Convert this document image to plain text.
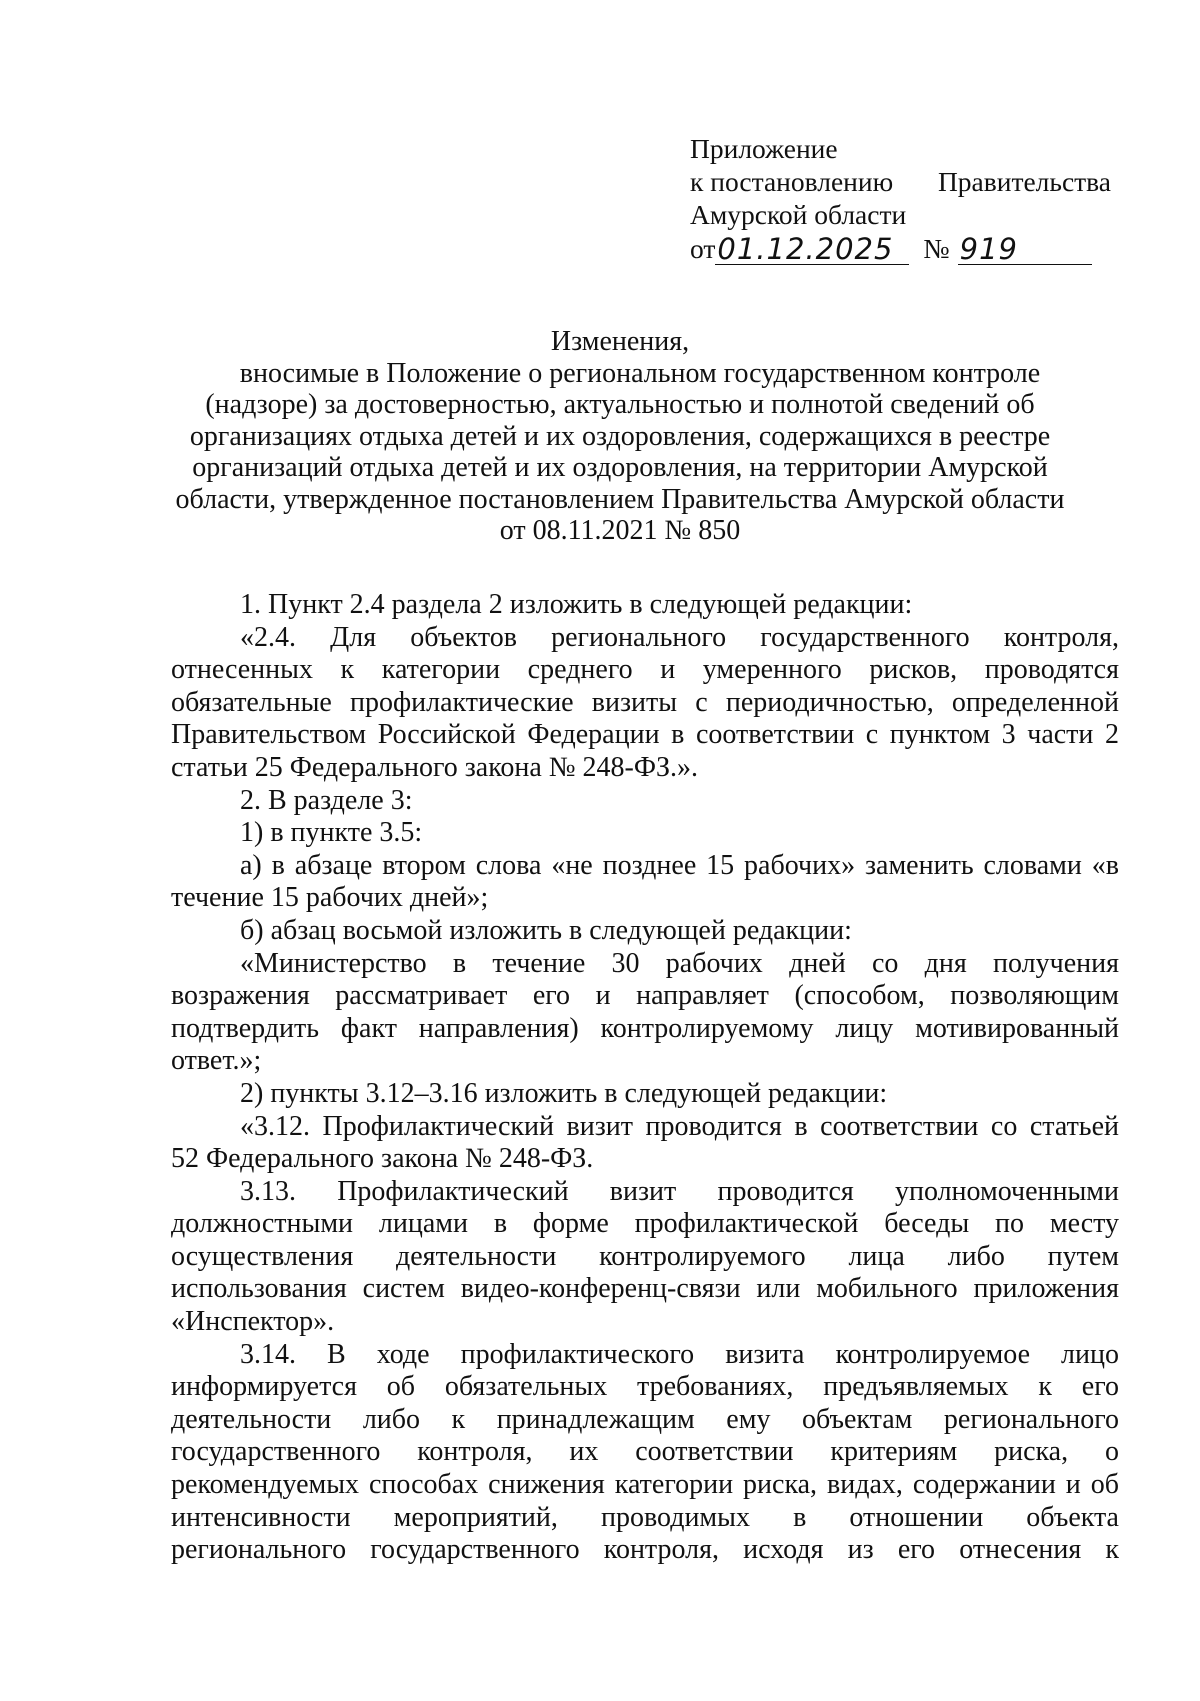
Приложение
к постановлению Правительства
Амурской области
от 01.12.2025	№ 919
Изменения,
вносимые в Положение о региональном государственном контроле
(надзоре) за достоверностью, актуальностью и полнотой сведений об
организациях отдыха детей и их оздоровления, содержащихся в реестре
организаций отдыха детей и их оздоровления, на территории Амурской
области, утвержденное постановлением Правительства Амурской области
от 08.11.2021 № 850
1. Пункт 2.4 раздела 2 изложить в следующей редакции:
«2.4. Для объектов регионального государственного контроля,
отнесенных к категории среднего и умеренного рисков, проводятся
обязательные профилактические визиты с периодичностью, определенной
Правительством Российской Федерации в соответствии с пунктом 3 части 2
статьи 25 Федерального закона № 248-ФЗ.».
2. В разделе 3:
1) в пункте 3.5:
а) в абзаце втором слова «не позднее 15 рабочих» заменить словами «в
течение 15 рабочих дней»;
б) абзац восьмой изложить в следующей редакции:
«Министерство в течение 30 рабочих дней со дня получения
возражения рассматривает его и направляет (способом, позволяющим
подтвердить факт направления) контролируемому лицу мотивированный
ответ.»;
2) пункты 3.12–3.16 изложить в следующей редакции:
«3.12. Профилактический визит проводится в соответствии со статьей
52 Федерального закона № 248-ФЗ.
3.13. Профилактический визит проводится уполномоченными
должностными лицами в форме профилактической беседы по месту
осуществления деятельности контролируемого лица либо путем
использования систем видео-конференц-связи или мобильного приложения
«Инспектор».
3.14. В ходе профилактического визита контролируемое лицо
информируется об обязательных требованиях, предъявляемых к его
деятельности либо к принадлежащим ему объектам регионального
государственного контроля, их соответствии критериям риска, о
рекомендуемых способах снижения категории риска, видах, содержании и об
интенсивности мероприятий, проводимых в отношении объекта
регионального государственного контроля, исходя из его отнесения к
